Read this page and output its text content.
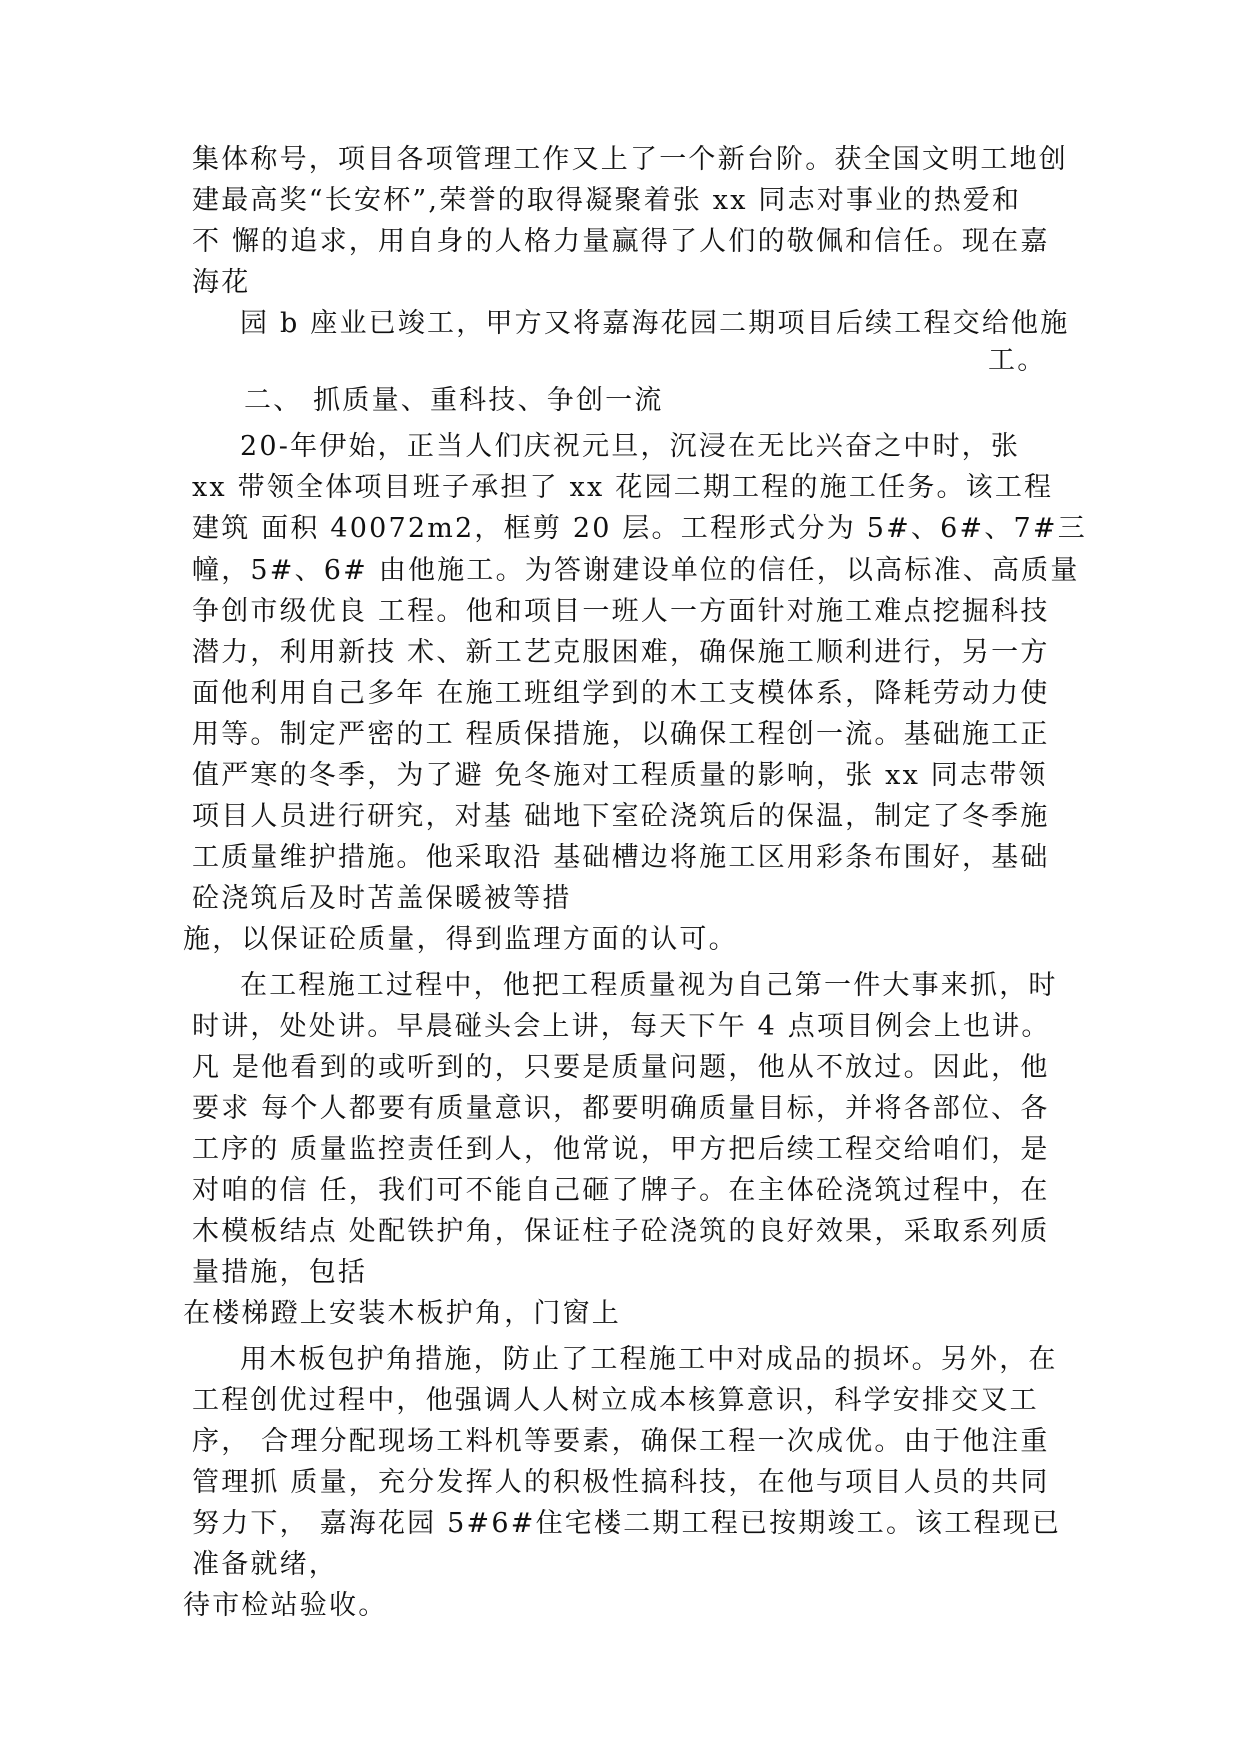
集体称号，项目各项管理工作又上了一个新台阶。获全国文明工地创
建最高奖“长安杯”,荣誉的取得凝聚着张 xx 同志对事业的热爱和
不 懈的追求，用自身的人格力量赢得了人们的敬佩和信任。现在嘉
海花
园 b 座业已竣工，甲方又将嘉海花园二期项目后续工程交给他施
工。
二、 抓质量、重科技、争创一流
20-年伊始，正当人们庆祝元旦，沉浸在无比兴奋之中时，张
xx 带领全体项目班子承担了 xx 花园二期工程的施工任务。该工程
建筑 面积 40072m2，框剪 20 层。工程形式分为 5#、6#、7#三
幢，5#、6# 由他施工。为答谢建设单位的信任，以高标准、高质量
争创市级优良 工程。他和项目一班人一方面针对施工难点挖掘科技
潜力，利用新技 术、新工艺克服困难，确保施工顺利进行，另一方
面他利用自己多年 在施工班组学到的木工支模体系，降耗劳动力使
用等。制定严密的工 程质保措施，以确保工程创一流。基础施工正
值严寒的冬季，为了避 免冬施对工程质量的影响，张 xx 同志带领
项目人员进行研究，对基 础地下室砼浇筑后的保温，制定了冬季施
工质量维护措施。他采取沿 基础槽边将施工区用彩条布围好，基础
砼浇筑后及时苫盖保暖被等措
施，以保证砼质量，得到监理方面的认可。
在工程施工过程中，他把工程质量视为自己第一件大事来抓，时
时讲，处处讲。早晨碰头会上讲，每天下午 4 点项目例会上也讲。
凡 是他看到的或听到的，只要是质量问题，他从不放过。因此，他
要求 每个人都要有质量意识，都要明确质量目标，并将各部位、各
工序的 质量监控责任到人，他常说，甲方把后续工程交给咱们，是
对咱的信 任，我们可不能自己砸了牌子。在主体砼浇筑过程中，在
木模板结点 处配铁护角，保证柱子砼浇筑的良好效果，采取系列质
量措施，包括
在楼梯蹬上安装木板护角，门窗上
用木板包护角措施，防止了工程施工中对成品的损坏。另外，在
工程创优过程中，他强调人人树立成本核算意识，科学安排交叉工
序， 合理分配现场工料机等要素，确保工程一次成优。由于他注重
管理抓 质量，充分发挥人的积极性搞科技，在他与项目人员的共同
努力下， 嘉海花园 5#6#住宅楼二期工程已按期竣工。该工程现已
准备就绪，
待市检站验收。
